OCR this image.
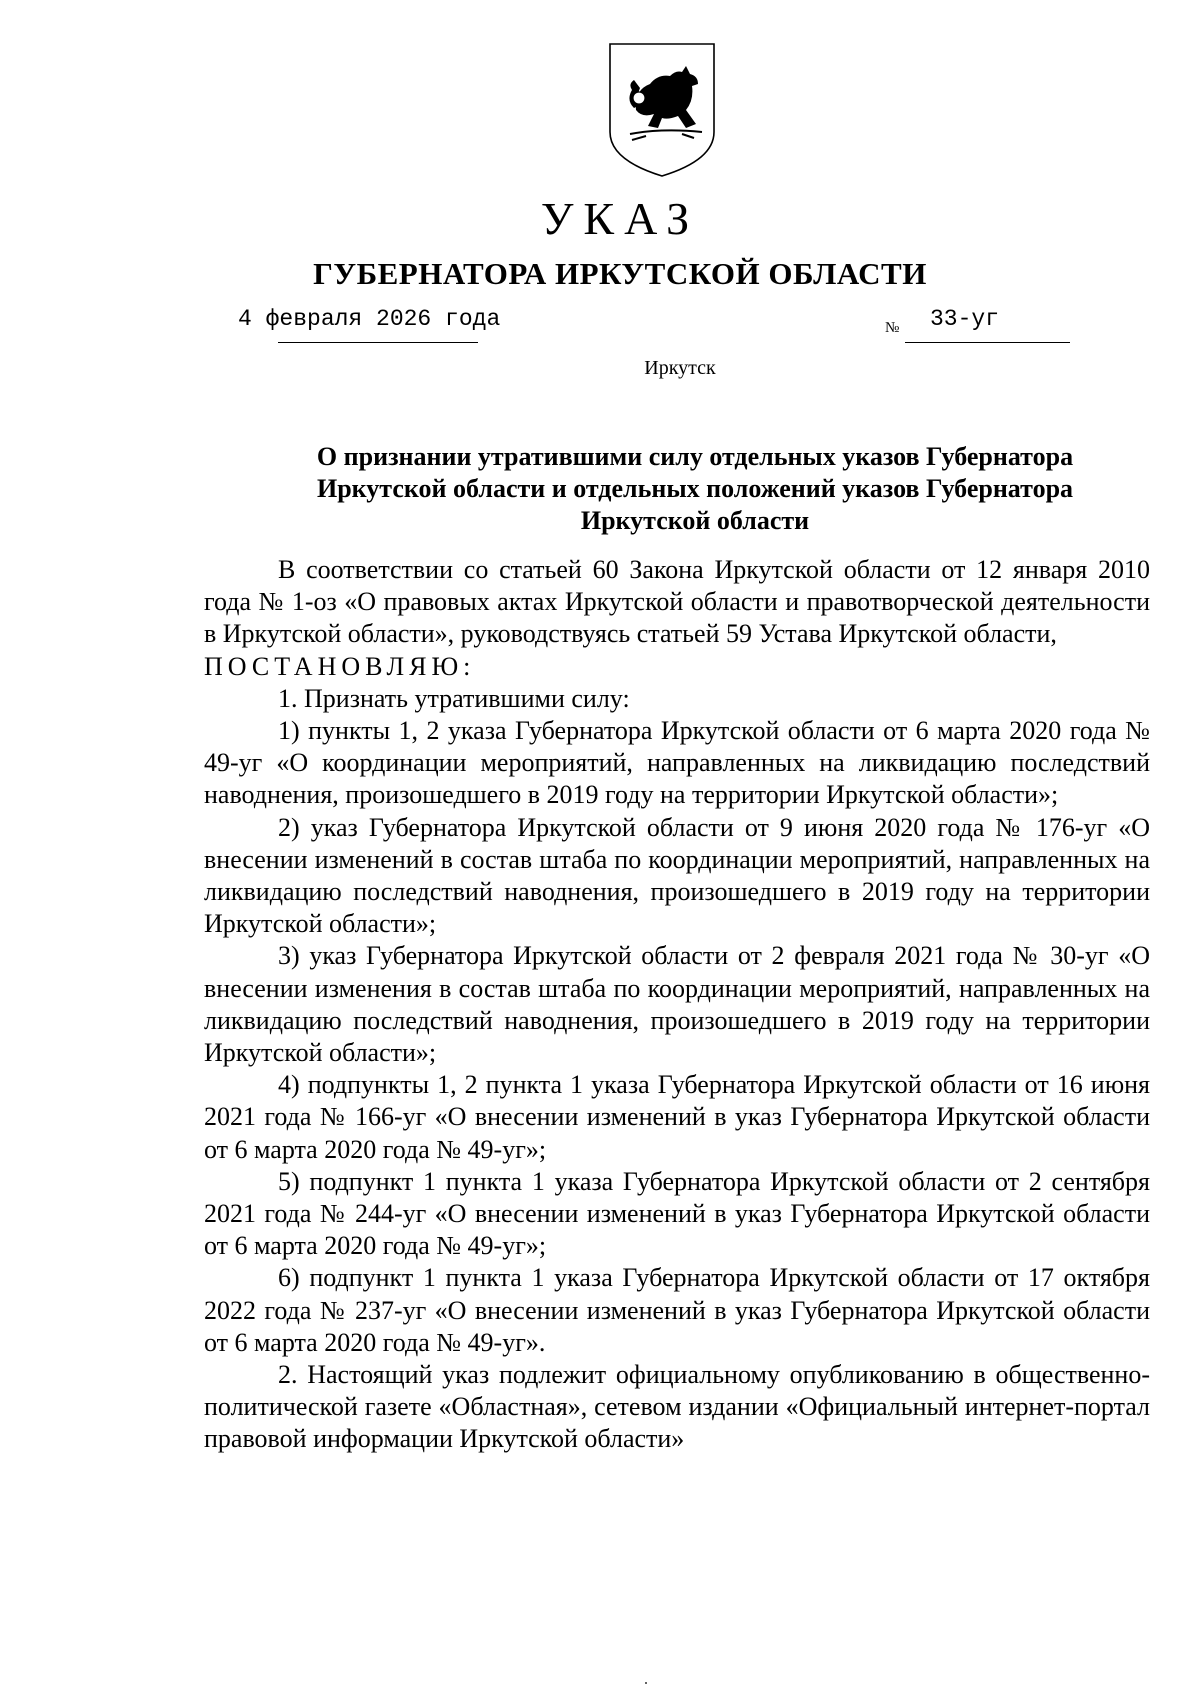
УКАЗ
ГУБЕРНАТОРА ИРКУТСКОЙ ОБЛАСТИ
4 февраля 2026 года	№ 33-уг
Иркутск
О признании утратившими силу отдельных указов Губернатора Иркутской области и отдельных положений указов Губернатора Иркутской области

В соответствии со статьей 60 Закона Иркутской области от 12 января 2010 года № 1-оз «О правовых актах Иркутской области и правотворческой деятельности в Иркутской области», руководствуясь статьей 59 Устава Иркутской области,

ПОСТАНОВЛЯЮ:

1. Признать утратившими силу:

1) пункты 1, 2 указа Губернатора Иркутской области от 6 марта 2020 года № 49-уг «О координации мероприятий, направленных на ликвидацию последствий наводнения, произошедшего в 2019 году на территории Иркутской области»;

2) указ Губернатора Иркутской области от 9 июня 2020 года № 176-уг «О внесении изменений в состав штаба по координации мероприятий, направленных на ликвидацию последствий наводнения, произошедшего в 2019 году на территории Иркутской области»;

3) указ Губернатора Иркутской области от 2 февраля 2021 года № 30-уг «О внесении изменения в состав штаба по координации мероприятий, направленных на ликвидацию последствий наводнения, произошедшего в 2019 году на территории Иркутской области»;

4) подпункты 1, 2 пункта 1 указа Губернатора Иркутской области от 16 июня 2021 года № 166-уг «О внесении изменений в указ Губернатора Иркутской области от 6 марта 2020 года № 49-уг»;

5) подпункт 1 пункта 1 указа Губернатора Иркутской области от 2 сентября 2021 года № 244-уг «О внесении изменений в указ Губернатора Иркутской области от 6 марта 2020 года № 49-уг»;

6) подпункт 1 пункта 1 указа Губернатора Иркутской области от 17 октября 2022 года № 237-уг «О внесении изменений в указ Губернатора Иркутской области от 6 марта 2020 года № 49-уг».

2. Настоящий указ подлежит официальному опубликованию в общественно-политической газете «Областная», сетевом издании «Официальный интернет-портал правовой информации Иркутской области»
